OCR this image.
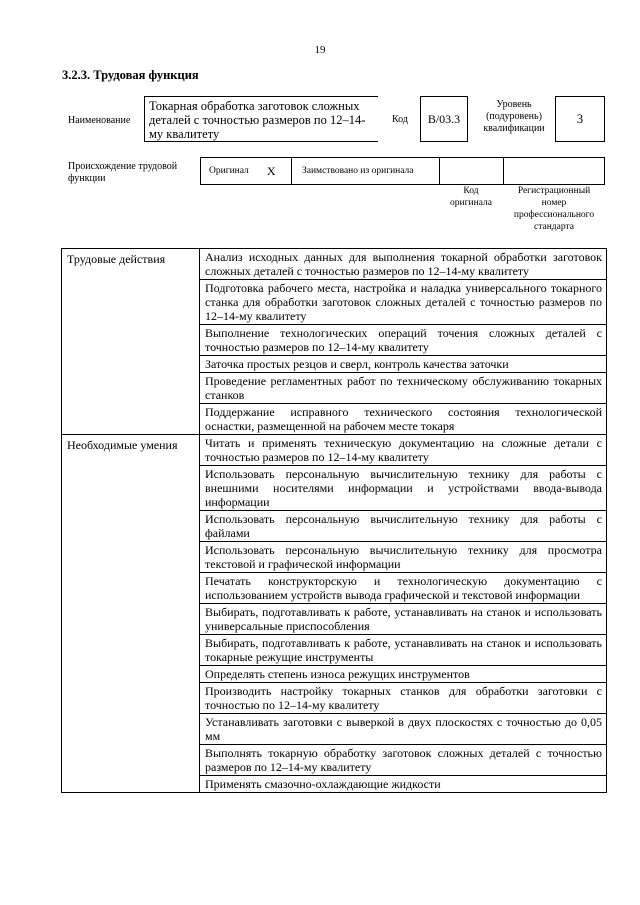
19
3.2.3. Трудовая функция
Наименование
Токарная обработка заготовок сложных деталей с точностью размеров по 12–14-му квалитету
Код	B/03.3
Уровень
(подуровень)
квалификации
3
Происхождение трудовой
функции
Оригинал X	Заимствовано из оригинала
Код
оригинала
Регистрационный
номер
профессионального
стандарта
Трудовые действия	Анализ исходных данных для выполнения токарной обработки заготовок сложных деталей с точностью размеров по 12–14-му квалитету
	Подготовка рабочего места, настройка и наладка универсального токарного станка для обработки заготовок сложных деталей с точностью размеров по 12–14-му квалитету
	Выполнение технологических операций точения сложных деталей с точностью размеров по 12–14-му квалитету
	Заточка простых резцов и сверл, контроль качества заточки
	Проведение регламентных работ по техническому обслуживанию токарных станков
	Поддержание исправного технического состояния технологической оснастки, размещенной на рабочем месте токаря
Необходимые умения	Читать и применять техническую документацию на сложные детали с точностью размеров по 12–14-му квалитету
	Использовать персональную вычислительную технику для работы с внешними носителями информации и устройствами ввода-вывода информации
	Использовать персональную вычислительную технику для работы с файлами
	Использовать персональную вычислительную технику для просмотра текстовой и графической информации
	Печатать конструкторскую и технологическую документацию с использованием устройств вывода графической и текстовой информации
	Выбирать, подготавливать к работе, устанавливать на станок и использовать универсальные приспособления
	Выбирать, подготавливать к работе, устанавливать на станок и использовать токарные режущие инструменты
	Определять степень износа режущих инструментов
	Производить настройку токарных станков для обработки заготовки с точностью по 12–14-му квалитету
	Устанавливать заготовки с выверкой в двух плоскостях с точностью до 0,05 мм
	Выполнять токарную обработку заготовок сложных деталей с точностью размеров по 12–14-му квалитету
	Применять смазочно-охлаждающие жидкости
